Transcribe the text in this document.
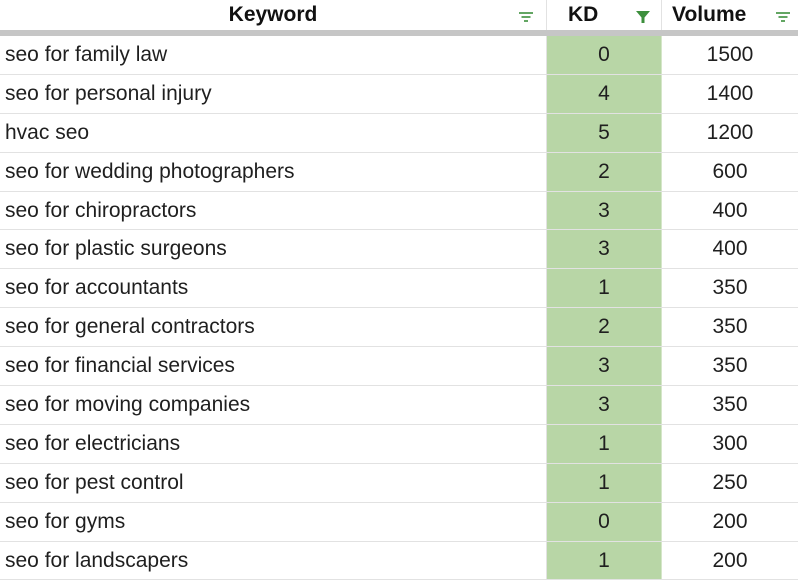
Keyword	KD	Volume
seo for family law	0	1500
seo for personal injury	4	1400
hvac seo	5	1200
seo for wedding photographers	2	600
seo for chiropractors	3	400
seo for plastic surgeons	3	400
seo for accountants	1	350
seo for general contractors	2	350
seo for financial services	3	350
seo for moving companies	3	350
seo for electricians	1	300
seo for pest control	1	250
seo for gyms	0	200
seo for landscapers	1	200
